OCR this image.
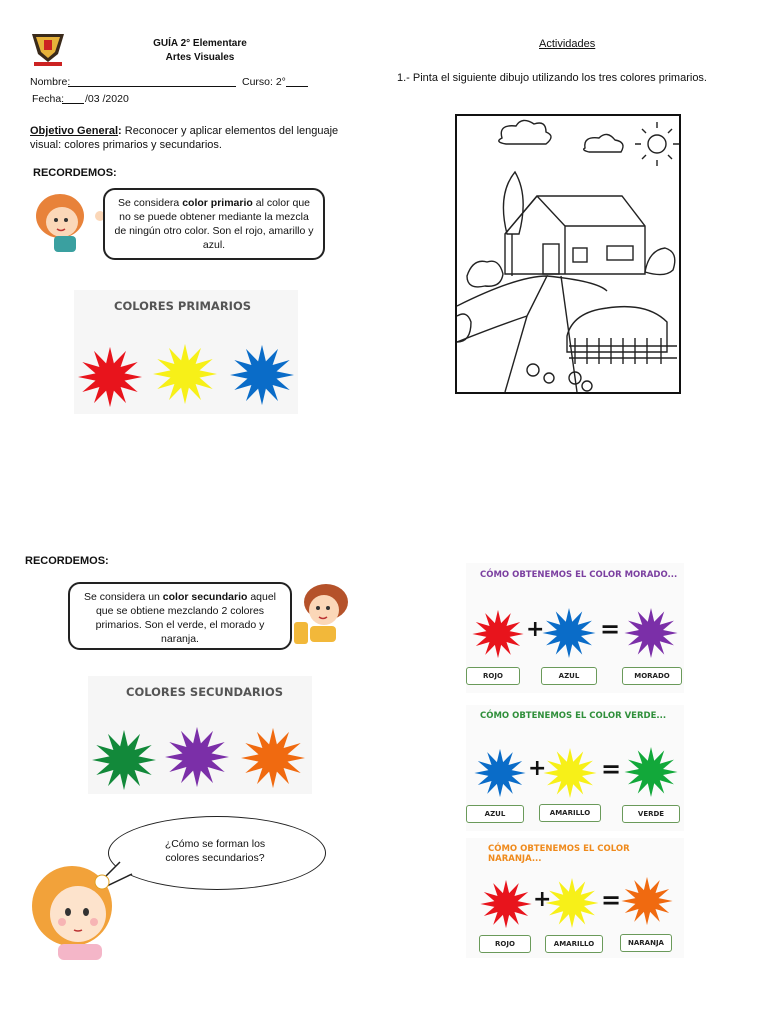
GUÍA 2° Elementare
Artes Visuales
Nombre:	Curso: 2°
Fecha: /03 /2020
Objetivo General: Reconocer y aplicar elementos del lenguaje visual: colores primarios y secundarios.
RECORDEMOS:
Se considera color primario al color que no se puede obtener mediante la mezcla de ningún otro color. Son el rojo, amarillo y azul.
COLORES PRIMARIOS
Actividades
1.- Pinta el siguiente dibujo utilizando los tres colores primarios.
RECORDEMOS:
Se considera un color secundario aquel que se obtiene mezclando 2 colores primarios. Son el verde, el morado y naranja.
COLORES SECUNDARIOS
¿Cómo se forman los colores secundarios?
CÓMO OBTENEMOS EL COLOR MORADO...
CÓMO OBTENEMOS EL COLOR VERDE...
CÓMO OBTENEMOS EL COLOR NARANJA...
+ =
ROJO	AZUL	MORADO
+ =
AZUL	AMARILLO	VERDE
+ =
ROJO	AMARILLO	NARANJA
